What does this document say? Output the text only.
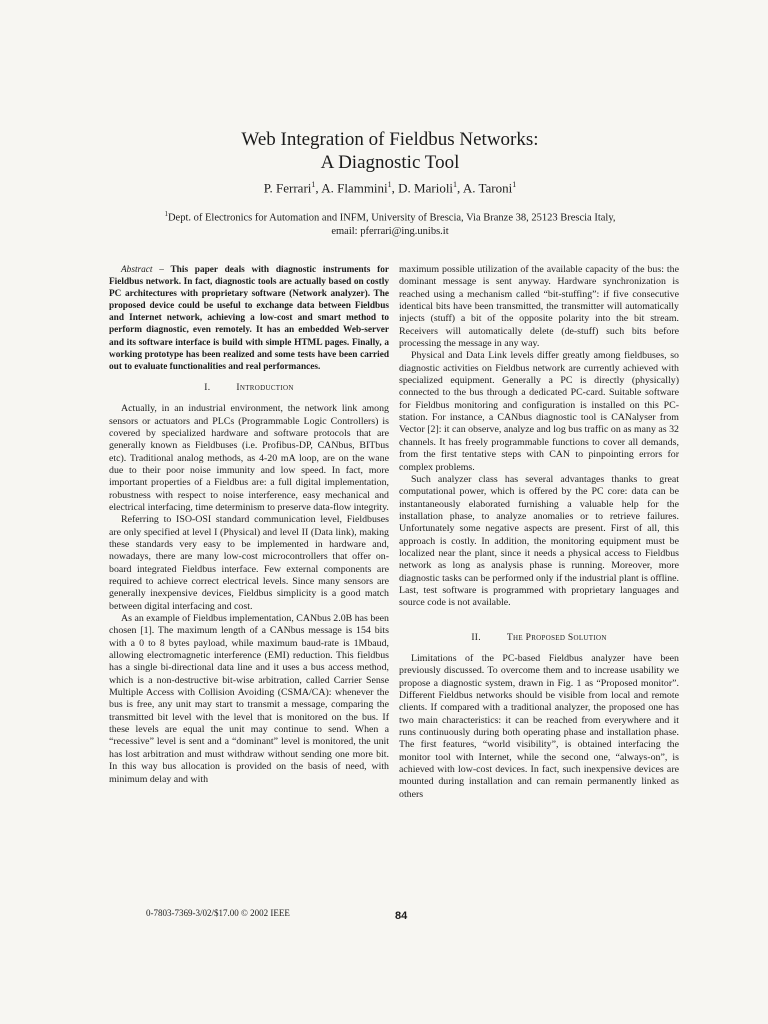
Web Integration of Fieldbus Networks:
A Diagnostic Tool
P. Ferrari$^1$, A. Flammini$^1$, D. Marioli$^1$, A. Taroni$^1$
$^1$Dept. of Electronics for Automation and INFM, University of Brescia, Via Branze 38, 25123 Brescia Italy,
email: pferrari@ing.unibs.it

Abstract – This paper deals with diagnostic instruments for Fieldbus network. In fact, diagnostic tools are actually based on costly PC architectures with proprietary software (Network analyzer). The proposed device could be useful to exchange data between Fieldbus and Internet network, achieving a low-cost and smart method to perform diagnostic, even remotely. It has an embedded Web-server and its software interface is build with simple HTML pages. Finally, a working prototype has been realized and some tests have been carried out to evaluate functionalities and real performances.

I.	Introduction

Actually, in an industrial environment, the network link among sensors or actuators and PLCs (Programmable Logic Controllers) is covered by specialized hardware and software protocols that are generally known as Fieldbuses (i.e. Profibus-DP, CANbus, BITbus etc). Traditional analog methods, as 4-20 mA loop, are on the wane due to their poor noise immunity and low speed. In fact, more important properties of a Fieldbus are: a full digital implementation, robustness with respect to noise interference, easy mechanical and electrical interfacing, time determinism to preserve data-flow integrity.

Referring to ISO-OSI standard communication level, Fieldbuses are only specified at level I (Physical) and level II (Data link), making these standards very easy to be implemented in hardware and, nowadays, there are many low-cost microcontrollers that offer on-board integrated Fieldbus interface. Few external components are required to achieve correct electrical levels. Since many sensors are generally inexpensive devices, Fieldbus simplicity is a good match between digital interfacing and cost.

As an example of Fieldbus implementation, CANbus 2.0B has been chosen [1]. The maximum length of a CANbus message is 154 bits with a 0 to 8 bytes payload, while maximum baud-rate is 1Mbaud, allowing electromagnetic interference (EMI) reduction. This fieldbus has a single bi-directional data line and it uses a bus access method, which is a non-destructive bit-wise arbitration, called Carrier Sense Multiple Access with Collision Avoiding (CSMA/CA): whenever the bus is free, any unit may start to transmit a message, comparing the transmitted bit level with the level that is monitored on the bus. If these levels are equal the unit may continue to send. When a “recessive” level is sent and a “dominant” level is monitored, the unit has lost arbitration and must withdraw without sending one more bit. In this way bus allocation is provided on the basis of need, with minimum delay and with

maximum possible utilization of the available capacity of the bus: the dominant message is sent anyway. Hardware synchronization is reached using a mechanism called “bit-stuffing”: if five consecutive identical bits have been transmitted, the transmitter will automatically injects (stuff) a bit of the opposite polarity into the bit stream. Receivers will automatically delete (de-stuff) such bits before processing the message in any way.

Physical and Data Link levels differ greatly among fieldbuses, so diagnostic activities on Fieldbus network are currently achieved with specialized equipment. Generally a PC is directly (physically) connected to the bus through a dedicated PC-card. Suitable software for Fieldbus monitoring and configuration is installed on this PC-station. For instance, a CANbus diagnostic tool is CANalyser from Vector [2]: it can observe, analyze and log bus traffic on as many as 32 channels. It has freely programmable functions to cover all demands, from the first tentative steps with CAN to pinpointing errors for complex problems.

Such analyzer class has several advantages thanks to great computational power, which is offered by the PC core: data can be instantaneously elaborated furnishing a valuable help for the installation phase, to analyze anomalies or to retrieve failures. Unfortunately some negative aspects are present. First of all, this approach is costly. In addition, the monitoring equipment must be localized near the plant, since it needs a physical access to Fieldbus network as long as analysis phase is running. Moreover, more diagnostic tasks can be performed only if the industrial plant is offline. Last, test software is programmed with proprietary languages and source code is not available.

II.	The Proposed Solution

Limitations of the PC-based Fieldbus analyzer have been previously discussed. To overcome them and to increase usability we propose a diagnostic system, drawn in Fig. 1 as “Proposed monitor”. Different Fieldbus networks should be visible from local and remote clients. If compared with a traditional analyzer, the proposed one has two main characteristics: it can be reached from everywhere and it runs continuously during both operating phase and installation phase. The first features, “world visibility”, is obtained interfacing the monitor tool with Internet, while the second one, “always-on”, is achieved with low-cost devices. In fact, such inexpensive devices are mounted during installation and can remain permanently linked as others

0-7803-7369-3/02/$17.00 © 2002 IEEE	84
